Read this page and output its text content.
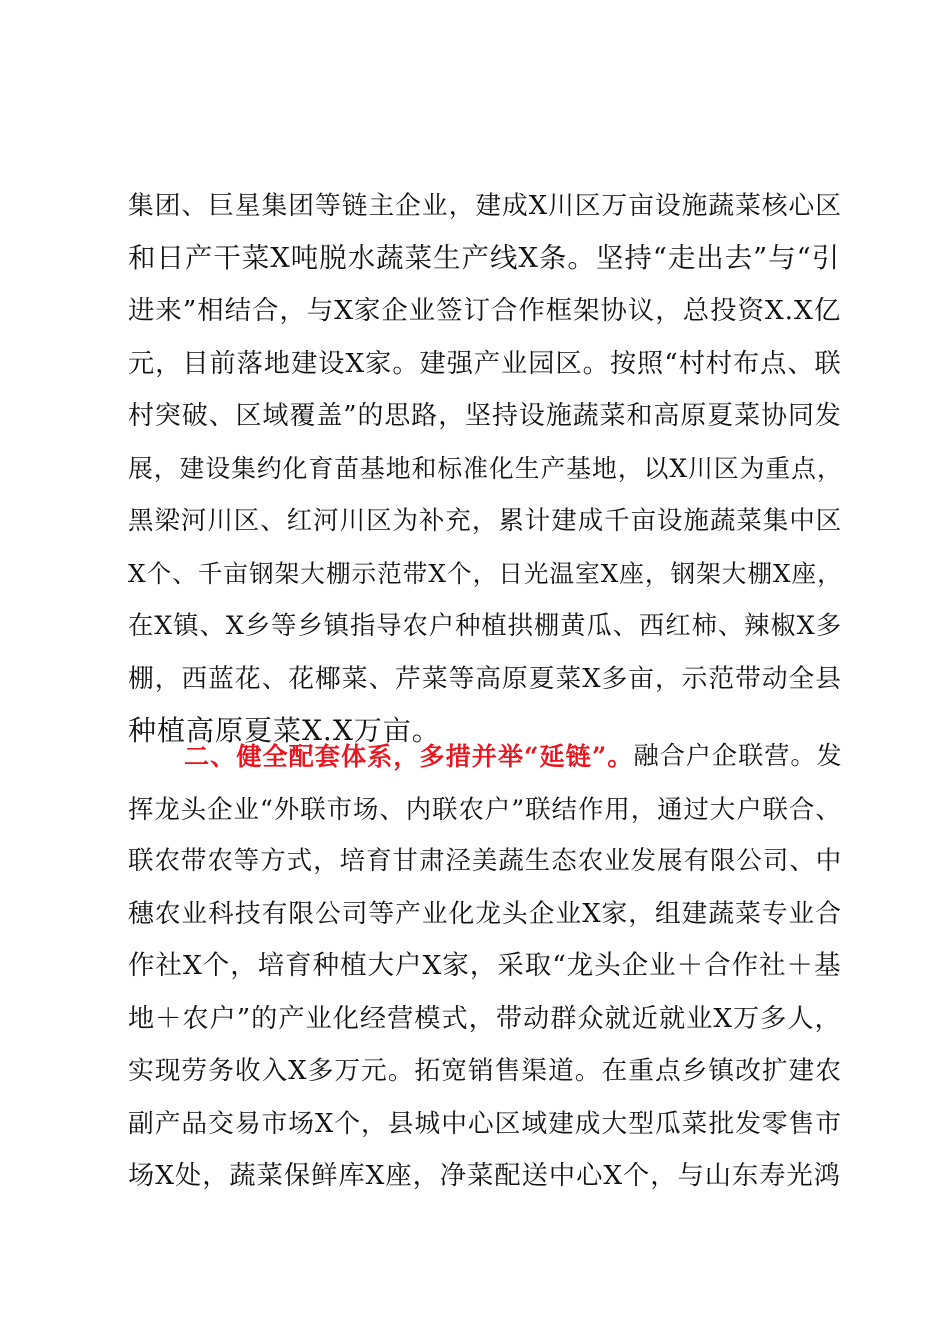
集团、巨星集团等链主企业，建成X川区万亩设施蔬菜核心区
和日产干菜X吨脱水蔬菜生产线X条。坚持“走出去”与“引
进来”相结合，与X家企业签订合作框架协议，总投资X.X亿
元，目前落地建设X家。建强产业园区。按照“村村布点、联
村突破、区域覆盖”的思路，坚持设施蔬菜和高原夏菜协同发
展，建设集约化育苗基地和标准化生产基地，以X川区为重点，
黑梁河川区、红河川区为补充，累计建成千亩设施蔬菜集中区
X个、千亩钢架大棚示范带X个，日光温室X座，钢架大棚X座，
在X镇、X乡等乡镇指导农户种植拱棚黄瓜、西红柿、辣椒X多
棚，西蓝花、花椰菜、芹菜等高原夏菜X多亩，示范带动全县
种植高原夏菜X.X万亩。
二、健全配套体系，多措并举“延链”。 融合户企联营。发
挥龙头企业“外联市场、内联农户”联结作用，通过大户联合、
联农带农等方式，培育甘肃泾美蔬生态农业发展有限公司、中
穗农业科技有限公司等产业化龙头企业X家，组建蔬菜专业合
作社X个，培育种植大户X家，采取“龙头企业＋合作社＋基
地＋农户”的产业化经营模式，带动群众就近就业X万多人，
实现劳务收入X多万元。拓宽销售渠道。在重点乡镇改扩建农
副产品交易市场X个，县城中心区域建成大型瓜菜批发零售市
场X处，蔬菜保鲜库X座，净菜配送中心X个，与山东寿光鸿
